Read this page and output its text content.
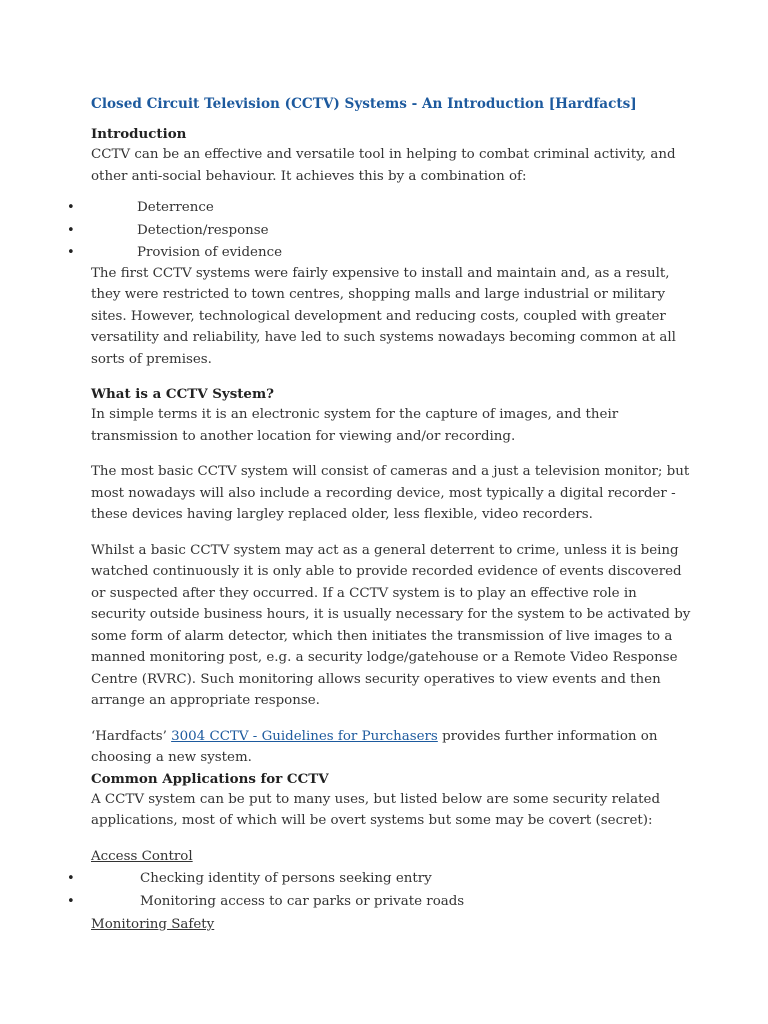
Closed Circuit Television (CCTV) Systems - An Introduction [Hardfacts]
Introduction

CCTV can be an effective and versatile tool in helping to combat criminal activity, and other anti-social behaviour. It achieves this by a combination of:

• Deterrence
• Detection/response
• Provision of evidence

The first CCTV systems were fairly expensive to install and maintain and, as a result, they were restricted to town centres, shopping malls and large industrial or military sites. However, technological development and reducing costs, coupled with greater versatility and reliability, have led to such systems nowadays becoming common at all sorts of premises.

What is a CCTV System?

In simple terms it is an electronic system for the capture of images, and their transmission to another location for viewing and/or recording.

The most basic CCTV system will consist of cameras and a just a television monitor; but most nowadays will also include a recording device, most typically a digital recorder - these devices having largley replaced older, less flexible, video recorders.

Whilst a basic CCTV system may act as a general deterrent to crime, unless it is being watched continuously it is only able to provide recorded evidence of events discovered or suspected after they occurred. If a CCTV system is to play an effective role in security outside business hours, it is usually necessary for the system to be activated by some form of alarm detector, which then initiates the transmission of live images to a manned monitoring post, e.g. a security lodge/gatehouse or a Remote Video Response Centre (RVRC). Such monitoring allows security operatives to view events and then arrange an appropriate response.

‘Hardfacts’ 3004 CCTV - Guidelines for Purchasers provides further information on choosing a new system.

Common Applications for CCTV

A CCTV system can be put to many uses, but listed below are some security related applications, most of which will be overt systems but some may be covert (secret):

Access Control
• Checking identity of persons seeking entry
• Monitoring access to car parks or private roads
Monitoring Safety
